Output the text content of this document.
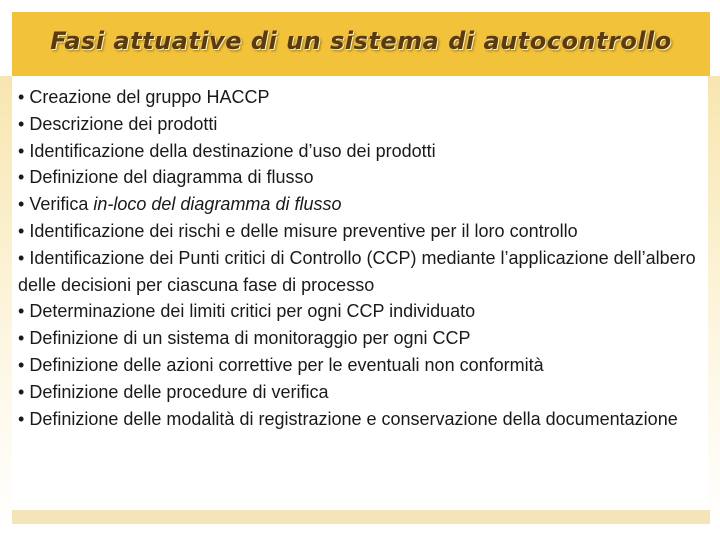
Fasi attuative di un sistema di autocontrollo

• Creazione del gruppo HACCP

• Descrizione dei prodotti

• Identificazione della destinazione d’uso dei prodotti

• Definizione del diagramma di flusso

• Verifica in-loco del diagramma di flusso

• Identificazione dei rischi e delle misure preventive per il loro controllo

• Identificazione dei Punti critici di Controllo (CCP) mediante l’applicazione dell’albero delle decisioni per ciascuna fase di processo

• Determinazione dei limiti critici per ogni CCP individuato

• Definizione di un sistema di monitoraggio per ogni CCP

• Definizione delle azioni correttive per le eventuali non conformità

• Definizione delle procedure di verifica

• Definizione delle modalità di registrazione e conservazione della documentazione
